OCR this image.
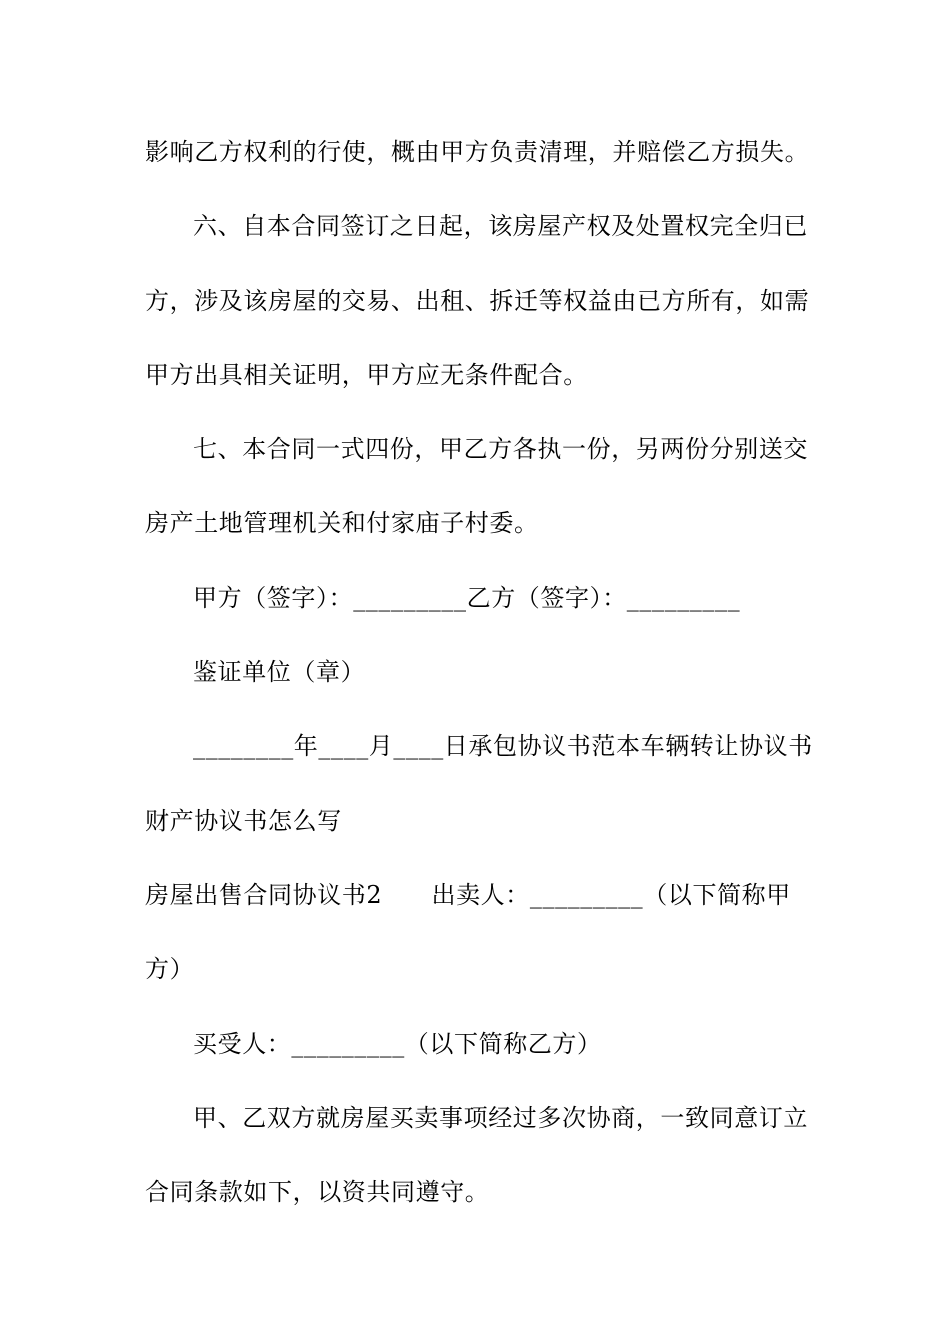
影响乙方权利的行使，概由甲方负责清理，并赔偿乙方损失。
六、自本合同签订之日起，该房屋产权及处置权完全归已
方，涉及该房屋的交易、出租、拆迁等权益由已方所有，如需
甲方出具相关证明，甲方应无条件配合。
七、本合同一式四份，甲乙方各执一份，另两份分别送交
房产土地管理机关和付家庙子村委。
甲方（签字）：_________乙方（签字）：_________
鉴证单位（章）
________年____月____日承包协议书范本车辆转让协议书
财产协议书怎么写
房屋出售合同协议书2　　出卖人：_________（以下简称甲
方）
买受人：_________（以下简称乙方）
甲、乙双方就房屋买卖事项经过多次协商，一致同意订立
合同条款如下，以资共同遵守。
